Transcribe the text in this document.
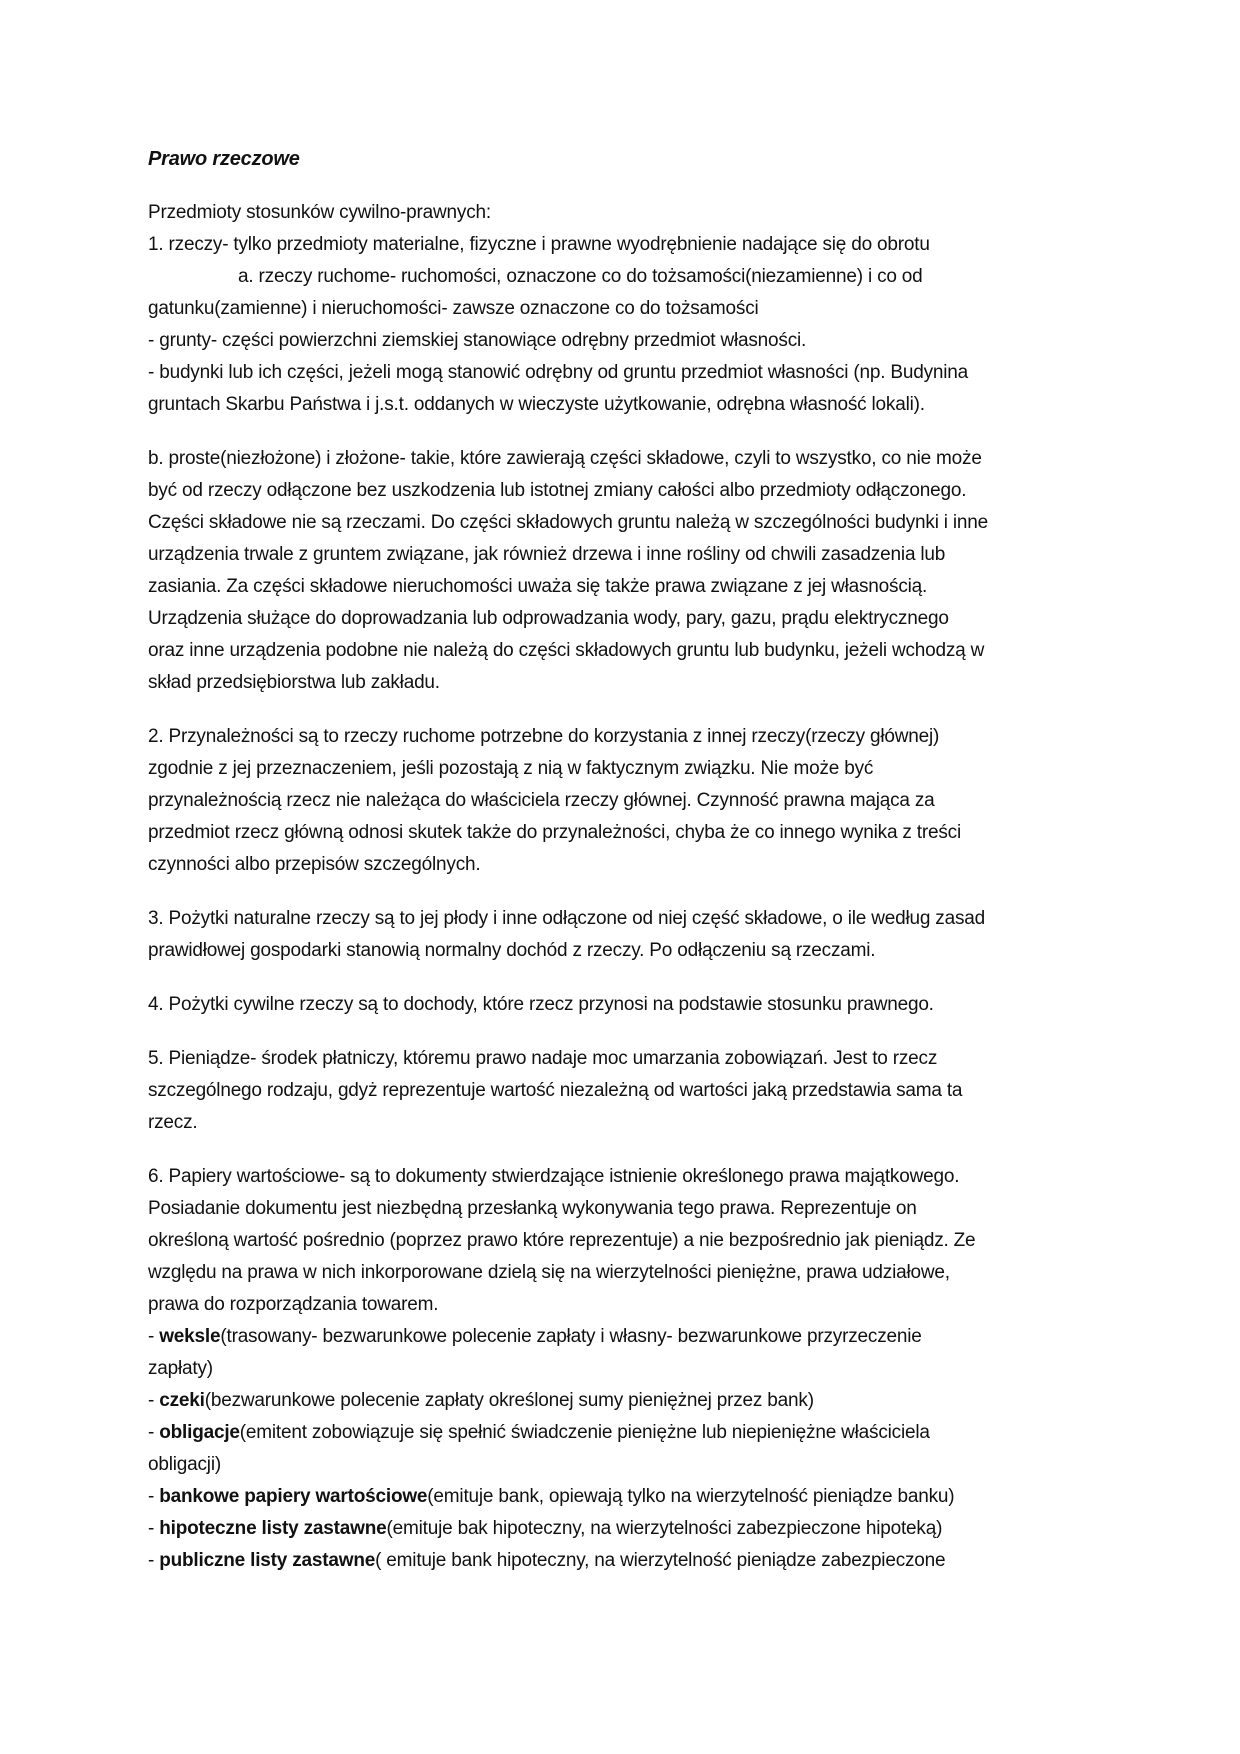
Prawo rzeczowe

Przedmioty stosunków cywilno-prawnych:

1. rzeczy- tylko przedmioty materialne, fizyczne i prawne wyodrębnienie nadające się do obrotu

a. rzeczy ruchome- ruchomości, oznaczone co do tożsamości(niezamienne) i co od

gatunku(zamienne) i nieruchomości- zawsze oznaczone co do tożsamości

- grunty- części powierzchni ziemskiej stanowiące odrębny przedmiot własności.

- budynki lub ich części, jeżeli mogą stanowić odrębny od gruntu przedmiot własności (np. Budynina

gruntach Skarbu Państwa i j.s.t. oddanych w wieczyste użytkowanie, odrębna własność lokali).

b. proste(niezłożone) i złożone- takie, które zawierają części składowe, czyli to wszystko, co nie może

być od rzeczy odłączone bez uszkodzenia lub istotnej zmiany całości albo przedmioty odłączonego.

Części składowe nie są rzeczami. Do części składowych gruntu należą w szczególności budynki i inne

urządzenia trwale z gruntem związane, jak również drzewa i inne rośliny od chwili zasadzenia lub

zasiania. Za części składowe nieruchomości uważa się także prawa związane z jej własnością.

Urządzenia służące do doprowadzania lub odprowadzania wody, pary, gazu, prądu elektrycznego

oraz inne urządzenia podobne nie należą do części składowych gruntu lub budynku, jeżeli wchodzą w

skład przedsiębiorstwa lub zakładu.

2. Przynależności są to rzeczy ruchome potrzebne do korzystania z innej rzeczy(rzeczy głównej)

zgodnie z jej przeznaczeniem, jeśli pozostają z nią w faktycznym związku. Nie może być

przynależnością rzecz nie należąca do właściciela rzeczy głównej. Czynność prawna mająca za

przedmiot rzecz główną odnosi skutek także do przynależności, chyba że co innego wynika z treści

czynności albo przepisów szczególnych.

3. Pożytki naturalne rzeczy są to jej płody i inne odłączone od niej część składowe, o ile według zasad

prawidłowej gospodarki stanowią normalny dochód z rzeczy. Po odłączeniu są rzeczami.

4. Pożytki cywilne rzeczy są to dochody, które rzecz przynosi na podstawie stosunku prawnego.

5. Pieniądze- środek płatniczy, któremu prawo nadaje moc umarzania zobowiązań. Jest to rzecz

szczególnego rodzaju, gdyż reprezentuje wartość niezależną od wartości jaką przedstawia sama ta

rzecz.

6. Papiery wartościowe- są to dokumenty stwierdzające istnienie określonego prawa majątkowego.

Posiadanie dokumentu jest niezbędną przesłanką wykonywania tego prawa. Reprezentuje on

określoną wartość pośrednio (poprzez prawo które reprezentuje) a nie bezpośrednio jak pieniądz. Ze

względu na prawa w nich inkorporowane dzielą się na wierzytelności pieniężne, prawa udziałowe,

prawa do rozporządzania towarem.

- weksle(trasowany- bezwarunkowe polecenie zapłaty i własny- bezwarunkowe przyrzeczenie

zapłaty)

- czeki(bezwarunkowe polecenie zapłaty określonej sumy pieniężnej przez bank)

- obligacje(emitent zobowiązuje się spełnić świadczenie pieniężne lub niepieniężne właściciela

obligacji)

- bankowe papiery wartościowe(emituje bank, opiewają tylko na wierzytelność pieniądze banku)

- hipoteczne listy zastawne(emituje bak hipoteczny, na wierzytelności zabezpieczone hipoteką)

- publiczne listy zastawne( emituje bank hipoteczny, na wierzytelność pieniądze zabezpieczone
